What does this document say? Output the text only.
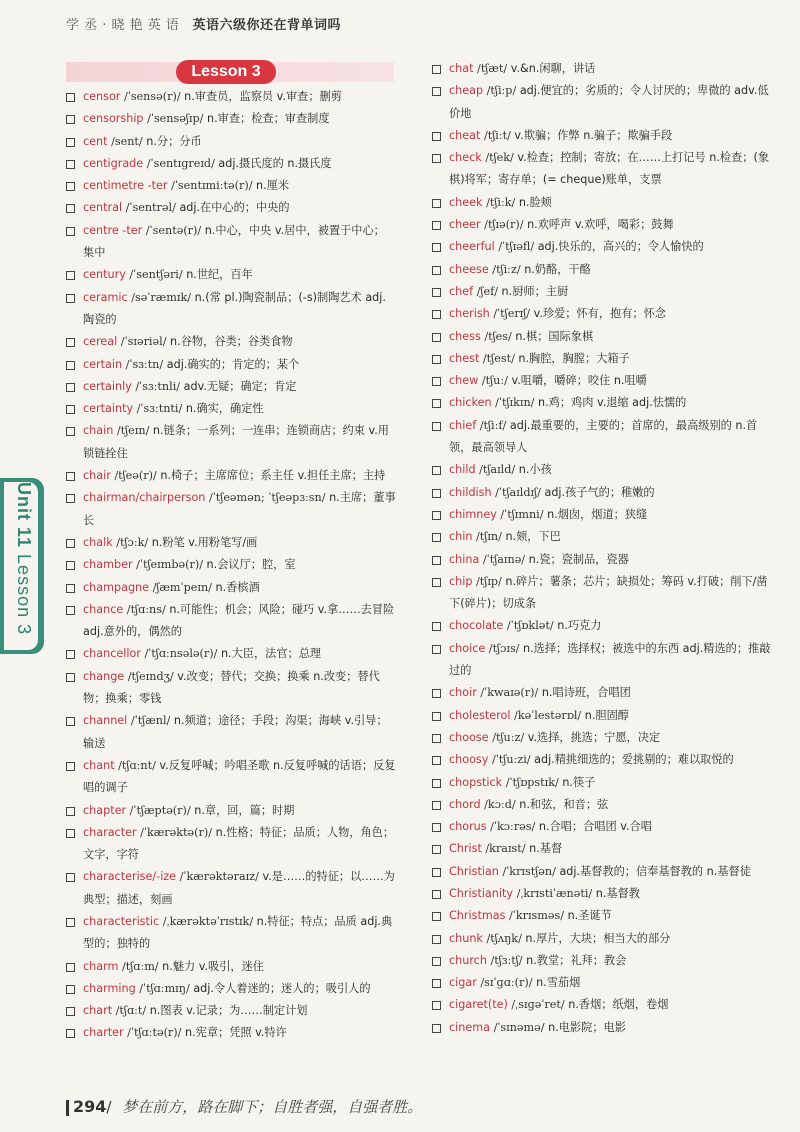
学 丞 · 晓 艳 英 语 英语六级你还在背单词吗
Lesson 3
censor /ˈsensə(r)/ n.审查员，监察员 v.审查；删剪
censorship /ˈsensəʃɪp/ n.审查；检查；审查制度
cent /sent/ n.分；分币
centigrade /ˈsentɪɡreɪd/ adj.摄氏度的 n.摄氏度
centimetre -ter /ˈsentɪmiːtə(r)/ n.厘米
central /ˈsentrəl/ adj.在中心的；中央的
centre -ter /ˈsentə(r)/ n.中心，中央 v.居中，被置于中心；集中
century /ˈsentʃəri/ n.世纪，百年
ceramic /səˈræmɪk/ n.(常 pl.)陶瓷制品；(-s)制陶艺术 adj.陶瓷的
cereal /ˈsɪəriəl/ n.谷物，谷类；谷类食物
certain /ˈsɜːtn/ adj.确实的；肯定的；某个
certainly /ˈsɜːtnli/ adv.无疑；确定；肯定
certainty /ˈsɜːtnti/ n.确实，确定性
chain /tʃeɪn/ n.链条；一系列；一连串；连锁商店；约束 v.用锁链拴住
chair /tʃeə(r)/ n.椅子；主席席位；系主任 v.担任主席；主持
chairman/chairperson /ˈtʃeəmən; ˈtʃeəpɜːsn/ n.主席；董事长
chalk /tʃɔːk/ n.粉笔 v.用粉笔写/画
chamber /ˈtʃeɪmbə(r)/ n.会议厅；腔，室
champagne /ʃæmˈpeɪn/ n.香槟酒
chance /tʃɑːns/ n.可能性；机会；风险；碰巧 v.拿……去冒险 adj.意外的，偶然的
chancellor /ˈtʃɑːnsələ(r)/ n.大臣，法官；总理
change /tʃeɪndʒ/ v.改变；替代；交换；换乘 n.改变；替代物；换乘；零钱
channel /ˈtʃænl/ n.频道；途径；手段；沟渠；海峡 v.引导；输送
chant /tʃɑːnt/ v.反复呼喊；吟唱圣歌 n.反复呼喊的话语；反复唱的调子
chapter /ˈtʃæptə(r)/ n.章，回，篇；时期
character /ˈkærəktə(r)/ n.性格；特征；品质；人物，角色；文字，字符
characterise/-ize /ˈkærəktəraɪz/ v.是……的特征；以……为典型；描述，刻画
characteristic /ˌkærəktəˈrɪstɪk/ n.特征；特点；品质 adj.典型的；独特的
charm /tʃɑːm/ n.魅力 v.吸引，迷住
charming /ˈtʃɑːmɪŋ/ adj.令人着迷的；迷人的；吸引人的
chart /tʃɑːt/ n.图表 v.记录；为……制定计划
charter /ˈtʃɑːtə(r)/ n.宪章；凭照 v.特许
chat /tʃæt/ v.&n.闲聊，讲话
cheap /tʃiːp/ adj.便宜的；劣质的；令人讨厌的；卑微的 adv.低价地
cheat /tʃiːt/ v.欺骗；作弊 n.骗子；欺骗手段
check /tʃek/ v.检查；控制；寄放；在……上打记号 n.检查；(象棋)将军；寄存单；(= cheque)账单，支票
cheek /tʃiːk/ n.脸颊
cheer /tʃɪə(r)/ n.欢呼声 v.欢呼，喝彩；鼓舞
cheerful /ˈtʃɪəfl/ adj.快乐的，高兴的；令人愉快的
cheese /tʃiːz/ n.奶酪，干酪
chef /ʃef/ n.厨师；主厨
cherish /ˈtʃerɪʃ/ v.珍爱；怀有，抱有；怀念
chess /tʃes/ n.棋；国际象棋
chest /tʃest/ n.胸腔，胸膛；大箱子
chew /tʃuː/ v.咀嚼，嚼碎；咬住 n.咀嚼
chicken /ˈtʃɪkɪn/ n.鸡；鸡肉 v.退缩 adj.怯懦的
chief /tʃiːf/ adj.最重要的，主要的；首席的，最高级别的 n.首领，最高领导人
child /tʃaɪld/ n.小孩
childish /ˈtʃaɪldɪʃ/ adj.孩子气的；稚嫩的
chimney /ˈtʃɪmni/ n.烟囱，烟道；狭缝
chin /tʃɪn/ n.颏，下巴
china /ˈtʃaɪnə/ n.瓷；瓷制品，瓷器
chip /tʃɪp/ n.碎片；薯条；芯片；缺损处；筹码 v.打破；削下/凿下(碎片)；切成条
chocolate /ˈtʃɒklət/ n.巧克力
choice /tʃɔɪs/ n.选择；选择权；被选中的东西 adj.精选的；推敲过的
choir /ˈkwaɪə(r)/ n.唱诗班，合唱团
cholesterol /kəˈlestərɒl/ n.胆固醇
choose /tʃuːz/ v.选择，挑选；宁愿，决定
choosy /ˈtʃuːzi/ adj.精挑细选的；爱挑剔的；难以取悦的
chopstick /ˈtʃɒpstɪk/ n.筷子
chord /kɔːd/ n.和弦，和音；弦
chorus /ˈkɔːrəs/ n.合唱；合唱团 v.合唱
Christ /kraɪst/ n.基督
Christian /ˈkrɪstʃən/ adj.基督教的；信奉基督教的 n.基督徒
Christianity /ˌkrɪstiˈænəti/ n.基督教
Christmas /ˈkrɪsməs/ n.圣诞节
chunk /tʃʌŋk/ n.厚片，大块；相当大的部分
church /tʃɜːtʃ/ n.教堂；礼拜；教会
cigar /sɪˈɡɑː(r)/ n.雪茄烟
cigaret(te) /ˌsɪɡəˈret/ n.香烟；纸烟，卷烟
cinema /ˈsɪnəmə/ n.电影院；电影
Unit 11 Lesson 3
294/ 梦在前方，路在脚下；自胜者强，自强者胜。
